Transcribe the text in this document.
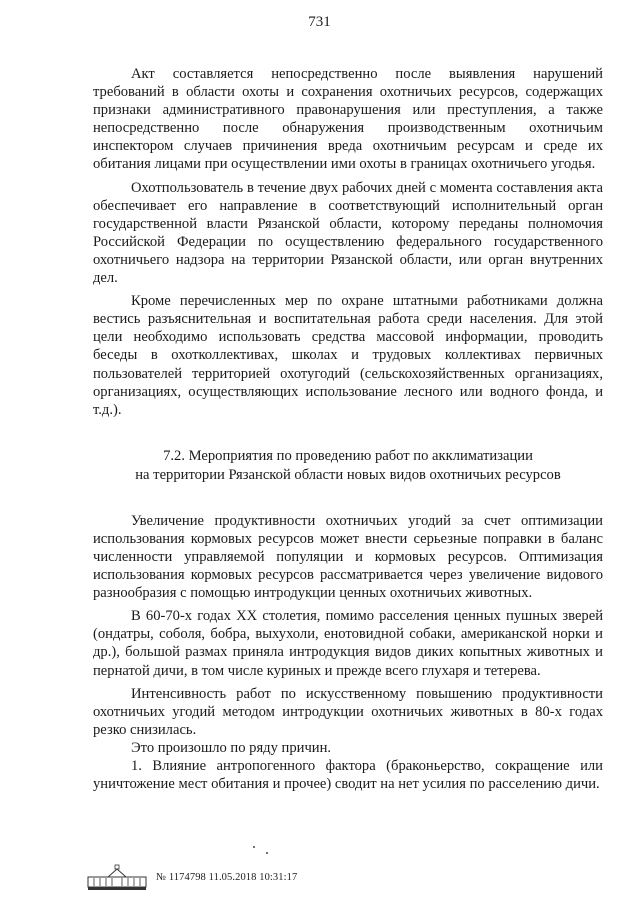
731

Акт составляется непосредственно после выявления нарушений требований в области охоты и сохранения охотничьих ресурсов, содержащих признаки административного правонарушения или преступления, а также непосредственно после обнаружения производственным охотничьим инспектором случаев причинения вреда охотничьим ресурсам и среде их обитания лицами при осуществлении ими охоты в границах охотничьего угодья.

Охотпользователь в течение двух рабочих дней с момента составления акта обеспечивает его направление в соответствующий исполнительный орган государственной власти Рязанской области, которому переданы полномочия Российской Федерации по осуществлению федерального государственного охотничьего надзора на территории Рязанской области, или орган внутренних дел.

Кроме перечисленных мер по охране штатными работниками должна вестись разъяснительная и воспитательная работа среди населения. Для этой цели необходимо использовать средства массовой информации, проводить беседы в охотколлективах, школах и трудовых коллективах первичных пользователей территорией охотугодий (сельскохозяйственных организациях, организациях, осуществляющих использование лесного или водного фонда, и т.д.).

7.2. Мероприятия по проведению работ по акклиматизации
на территории Рязанской области новых видов охотничьих ресурсов

Увеличение продуктивности охотничьих угодий за счет оптимизации использования кормовых ресурсов может внести серьезные поправки в баланс численности управляемой популяции и кормовых ресурсов. Оптимизация использования кормовых ресурсов рассматривается через увеличение видового разнообразия с помощью интродукции ценных охотничьих животных.

В 60-70-х годах XX столетия, помимо расселения ценных пушных зверей (ондатры, соболя, бобра, выхухоли, енотовидной собаки, американской норки и др.), большой размах приняла интродукция видов диких копытных животных и пернатой дичи, в том числе куриных и прежде всего глухаря и тетерева.

Интенсивность работ по искусственному повышению продуктивности охотничьих угодий методом интродукции охотничьих животных в 80-х годах резко снизилась.

Это произошло по ряду причин.

1. Влияние антропогенного фактора (браконьерство, сокращение или уничтожение мест обитания и прочее) сводит на нет усилия по расселению дичи.

№ 1174798 11.05.2018 10:31:17
